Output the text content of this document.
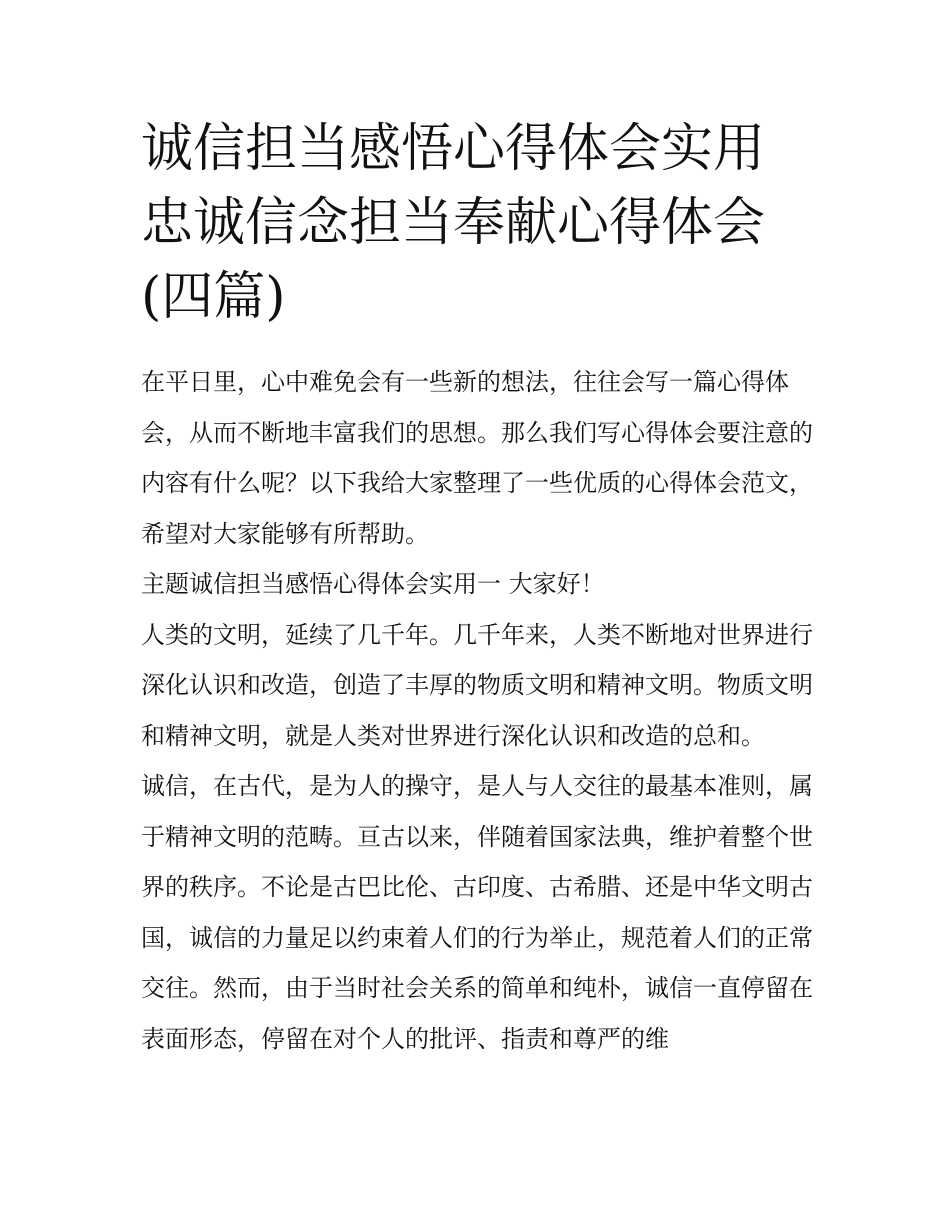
诚信担当感悟心得体会实用 忠诚信念担当奉献心得体会(四篇)

在平日里，心中难免会有一些新的想法，往往会写一篇心得体会，从而不断地丰富我们的思想。那么我们写心得体会要注意的内容有什么呢？以下我给大家整理了一些优质的心得体会范文，希望对大家能够有所帮助。

主题诚信担当感悟心得体会实用一 大家好！

人类的文明，延续了几千年。几千年来，人类不断地对世界进行深化认识和改造，创造了丰厚的物质文明和精神文明。物质文明和精神文明，就是人类对世界进行深化认识和改造的总和。

诚信，在古代，是为人的操守，是人与人交往的最基本准则，属于精神文明的范畴。亘古以来，伴随着国家法典，维护着整个世界的秩序。不论是古巴比伦、古印度、古希腊、还是中华文明古国，诚信的力量足以约束着人们的行为举止，规范着人们的正常交往。然而，由于当时社会关系的简单和纯朴，诚信一直停留在表面形态，停留在对个人的批评、指责和尊严的维
